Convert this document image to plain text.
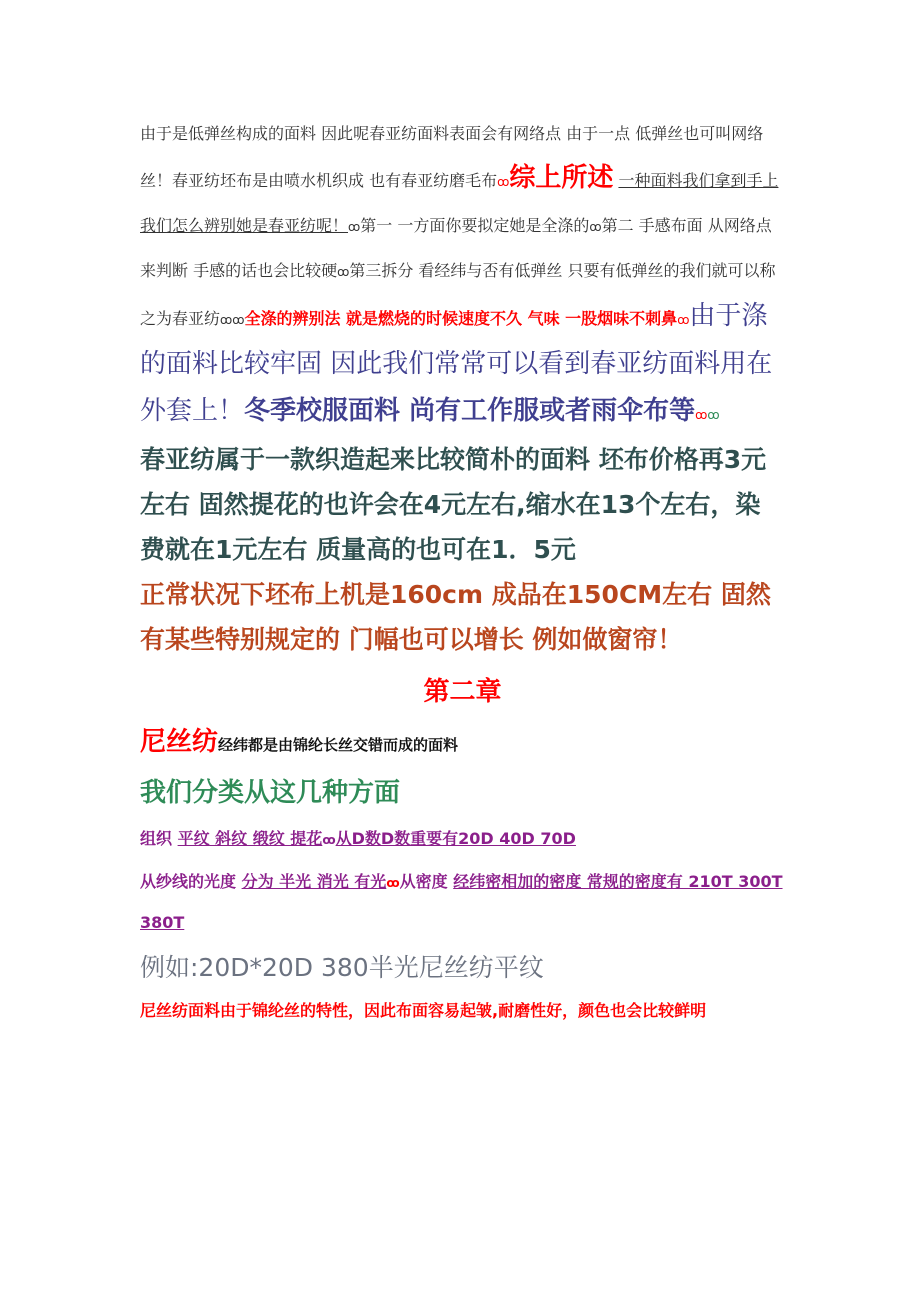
由于是低弹丝构成的面料 因此呢春亚纺面料表面会有网络点 由于一点 低弹丝也可叫网络丝！春亚纺坯布是由喷水机织成 也有春亚纺磨毛布ꝏ综上所述 一种面料我们拿到手上 我们怎么辨别她是春亚纺呢！ꝏ第一 一方面你要拟定她是全涤的ꝏ第二 手感布面 从网络点来判断 手感的话也会比较硬ꝏ第三拆分 看经纬与否有低弹丝 只要有低弹丝的我们就可以称之为春亚纺ꝏꝏ全涤的辨别法 就是燃烧的时候速度不久 气味 一股烟味不刺鼻ꝏ由于涤的面料比较牢固 因此我们常常可以看到春亚纺面料用在外套上！冬季校服面料 尚有工作服或者雨伞布等ꝏꝏ

春亚纺属于一款织造起来比较简朴的面料 坯布价格再3元左右 固然提花的也许会在4元左右,缩水在13个左右，染费就在1元左右 质量高的也可在1．5元

正常状况下坯布上机是160cm 成品在150CM左右 固然有某些特别规定的 门幅也可以增长 例如做窗帘！

第二章

尼丝纺经纬都是由锦纶长丝交错而成的面料

我们分类从这几种方面

组织 平纹 斜纹 缎纹 提花ꝏ从D数D数重要有20D 40D 70D

从纱线的光度 分为 半光 消光 有光ꝏ从密度 经纬密相加的密度 常规的密度有 210T 300T 380T

例如:20D*20D 380半光尼丝纺平纹

尼丝纺面料由于锦纶丝的特性，因此布面容易起皱,耐磨性好，颜色也会比较鲜明
